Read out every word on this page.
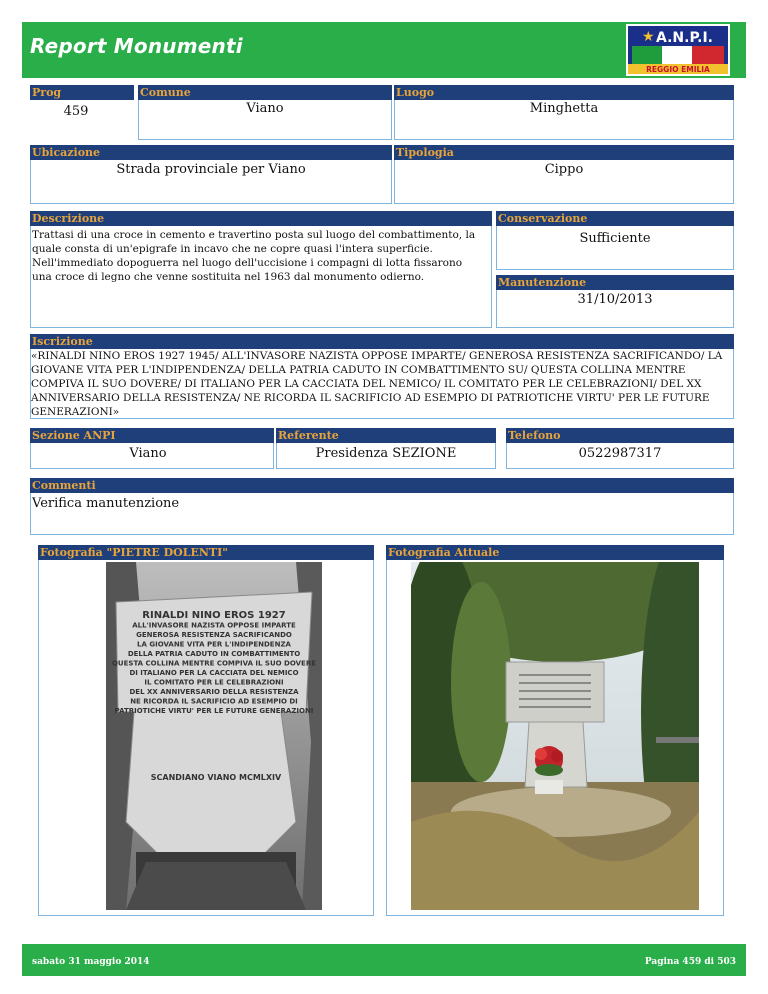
Report Monumenti	★ A.N.P.I.
REGGIO EMILIA
Prog	Comune	Luogo
459	Viano	Minghetta
Ubicazione	Tipologia
Strada provinciale per Viano	Cippo
Descrizione
Trattasi di una croce in cemento e travertino posta sul luogo del combattimento, la quale consta di un'epigrafe in incavo che ne copre quasi l'intera superficie. Nell'immediato dopoguerra nel luogo dell'uccisione i compagni di lotta fissarono una croce di legno che venne sostituita nel 1963 dal monumento odierno.
Conservazione
Sufficiente
Manutenzione
31/10/2013
Iscrizione
«RINALDI NINO EROS 1927 1945/ ALL'INVASORE NAZISTA OPPOSE IMPARTE/ GENEROSA RESISTENZA SACRIFICANDO/ LA GIOVANE VITA PER L'INDIPENDENZA/ DELLA PATRIA CADUTO IN COMBATTIMENTO SU/ QUESTA COLLINA MENTRE COMPIVA IL SUO DOVERE/ DI ITALIANO PER LA CACCIATA DEL NEMICO/ IL COMITATO PER LE CELEBRAZIONI/ DEL XX ANNIVERSARIO DELLA RESISTENZA/ NE RICORDA IL SACRIFICIO AD ESEMPIO DI PATRIOTICHE VIRTU' PER LE FUTURE GENERAZIONI»
Sezione ANPI	Referente	Telefono
Viano	Presidenza SEZIONE	0522987317
Commenti
Verifica manutenzione
Fotografia "PIETRE DOLENTI"
RINALDI NINO EROS 1927
ALL'INVASORE NAZISTA OPPOSE IMPARTE
GENEROSA RESISTENZA SACRIFICANDO
LA GIOVANE VITA PER L'INDIPENDENZA
DELLA PATRIA CADUTO IN COMBATTIMENTO
QUESTA COLLINA MENTRE COMPIVA IL SUO DOVERE
DI ITALIANO PER LA CACCIATA DEL NEMICO
IL COMITATO PER LE CELEBRAZIONI
DEL XX ANNIVERSARIO DELLA RESISTENZA
NE RICORDA IL SACRIFICIO AD ESEMPIO DI
PATRIOTICHE VIRTU' PER LE FUTURE GENERAZIONI
SCANDIANO VIANO MCMLXIV
Fotografia Attuale
sabato 31 maggio 2014	Pagina 459 di 503
